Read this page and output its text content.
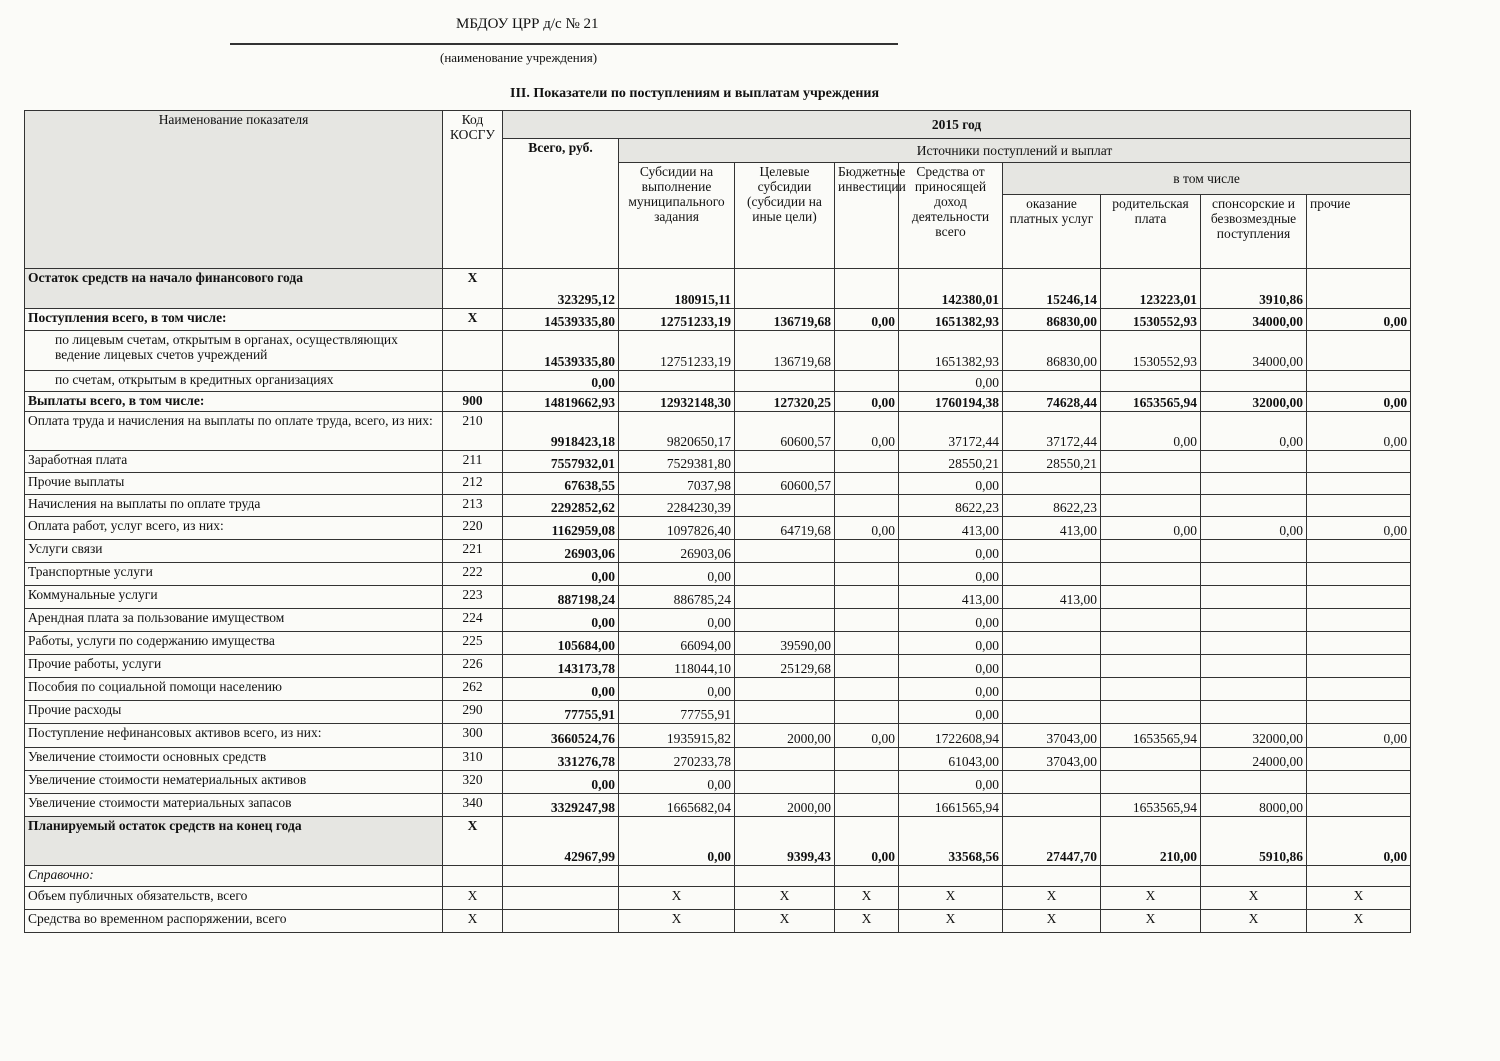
МБДОУ ЦРР д/с № 21
(наименование учреждения)
III. Показатели по поступлениям и выплатам учреждения
Наименование показателя	Код КОСГУ	2015 год								
		Всего, руб.	Источники поступлений и выплат							
			Субсидии на выполнение муниципального задания	Целевые субсидии (субсидии на иные цели)	Бюджетные инвестиции	Средства от приносящей доход деятельности всего	в том числе			
							оказание платных услуг	родительская плата	спонсорские и безвозмездные поступления	прочие
Остаток средств на начало финансового года	X	323295,12	180915,11			142380,01	15246,14	123223,01	3910,86	
Поступления всего, в том числе:	X	14539335,80	12751233,19	136719,68	0,00	1651382,93	86830,00	1530552,93	34000,00	0,00
по лицевым счетам, открытым в органах, осуществляющих ведение лицевых счетов учреждений		14539335,80	12751233,19	136719,68		1651382,93	86830,00	1530552,93	34000,00	
по счетам, открытым в кредитных организациях		0,00				0,00				
Выплаты всего, в том числе:	900	14819662,93	12932148,30	127320,25	0,00	1760194,38	74628,44	1653565,94	32000,00	0,00
Оплата труда и начисления на выплаты по оплате труда, всего, из них:	210	9918423,18	9820650,17	60600,57	0,00	37172,44	37172,44	0,00	0,00	0,00
Заработная плата	211	7557932,01	7529381,80			28550,21	28550,21			
Прочие выплаты	212	67638,55	7037,98	60600,57		0,00				
Начисления на выплаты по оплате труда	213	2292852,62	2284230,39			8622,23	8622,23			
Оплата работ, услуг всего, из них:	220	1162959,08	1097826,40	64719,68	0,00	413,00	413,00	0,00	0,00	0,00
Услуги связи	221	26903,06	26903,06			0,00				
Транспортные услуги	222	0,00	0,00			0,00				
Коммунальные услуги	223	887198,24	886785,24			413,00	413,00			
Арендная плата за пользование имуществом	224	0,00	0,00			0,00				
Работы, услуги по содержанию имущества	225	105684,00	66094,00	39590,00		0,00				
Прочие работы, услуги	226	143173,78	118044,10	25129,68		0,00				
Пособия по социальной помощи населению	262	0,00	0,00			0,00				
Прочие расходы	290	77755,91	77755,91			0,00				
Поступление нефинансовых активов всего, из них:	300	3660524,76	1935915,82	2000,00	0,00	1722608,94	37043,00	1653565,94	32000,00	0,00
Увеличение стоимости основных средств	310	331276,78	270233,78			61043,00	37043,00		24000,00	
Увеличение стоимости нематериальных активов	320	0,00	0,00			0,00				
Увеличение стоимости материальных запасов	340	3329247,98	1665682,04	2000,00		1661565,94		1653565,94	8000,00	
Планируемый остаток средств на конец года	X	42967,99	0,00	9399,43	0,00	33568,56	27447,70	210,00	5910,86	0,00
Справочно:										
Объем публичных обязательств, всего	X		X	X	X	X	X	X	X	X
Средства во временном распоряжении, всего	X		X	X	X	X	X	X	X	X
